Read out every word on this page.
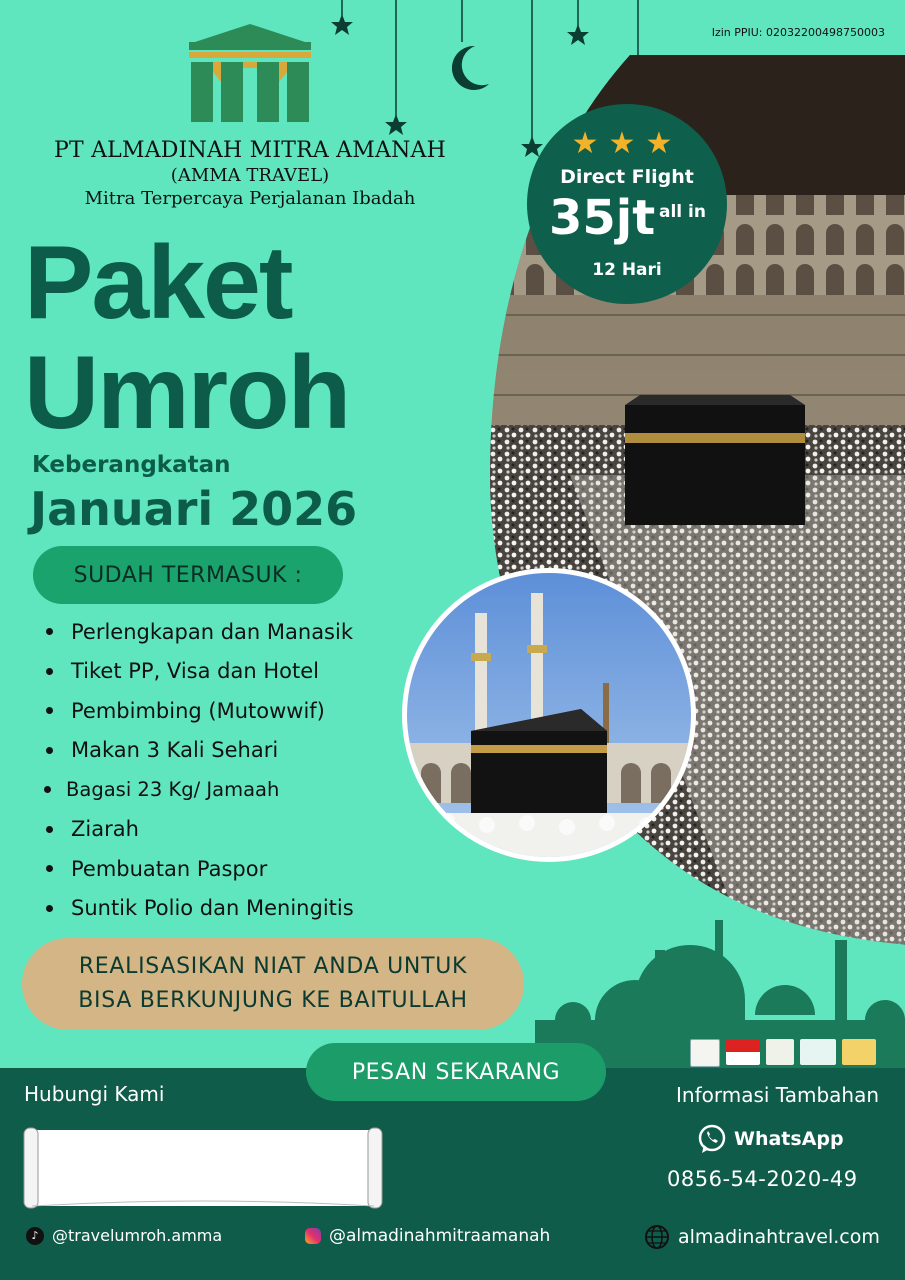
Izin PPIU: 02032200498750003
PT ALMADINAH MITRA AMANAH
(AMMA TRAVEL)
Mitra Terpercaya Perjalanan Ibadah
★★★
Direct Flight
35jt all in
12 Hari
Paket
Umroh
Keberangkatan
Januari 2026
SUDAH TERMASUK :
Perlengkapan dan Manasik
Tiket PP, Visa dan Hotel
Pembimbing (Mutowwif)
Makan 3 Kali Sehari
Bagasi 23 Kg/ Jamaah
Ziarah
Pembuatan Paspor
Suntik Polio dan Meningitis
REALISASIKAN NIAT ANDA UNTUK
BISA BERKUNJUNG KE BAITULLAH
PESAN SEKARANG
Hubungi Kami	Informasi Tambahan
WhatsApp
0856-54-2020-49
♪ @travelumroh.amma	@almadinahmitraamanah	almadinahtravel.com
